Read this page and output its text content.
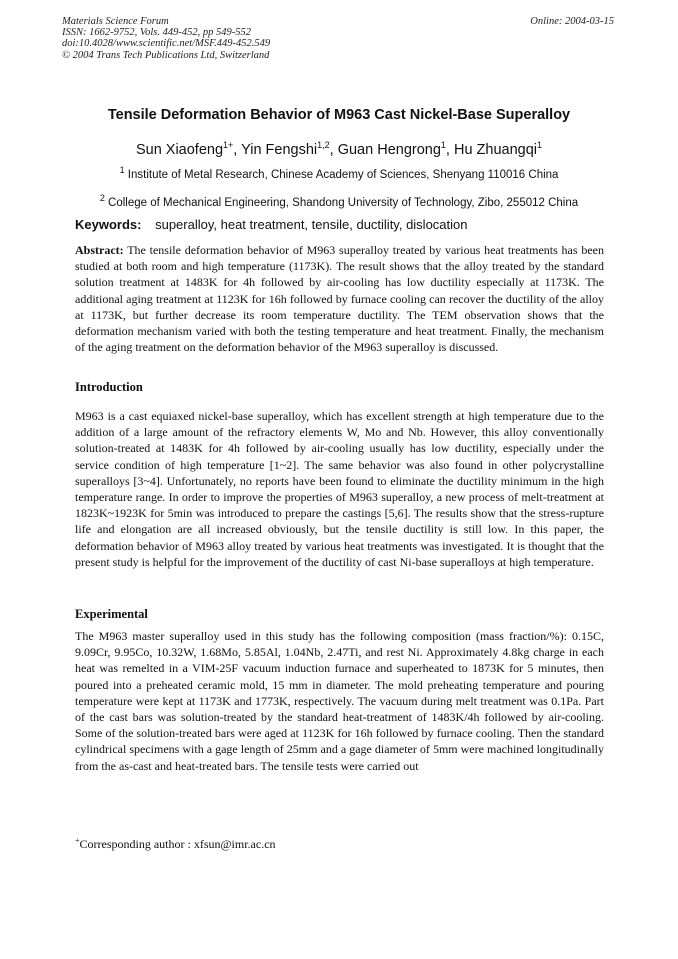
Materials Science Forum
ISSN: 1662-9752, Vols. 449-452, pp 549-552
doi:10.4028/www.scientific.net/MSF.449-452.549
© 2004 Trans Tech Publications Ltd, Switzerland
Online: 2004-03-15
Tensile Deformation Behavior of M963 Cast Nickel-Base Superalloy
Sun Xiaofeng$^{1+}$, Yin Fengshi$^{1,2}$, Guan Hengrong$^1$, Hu Zhuangqi$^1$
$^1$ Institute of Metal Research, Chinese Academy of Sciences, Shenyang 110016 China
$^2$ College of Mechanical Engineering, Shandong University of Technology, Zibo, 255012 China
Keywords: superalloy, heat treatment, tensile, ductility, dislocation
Abstract: The tensile deformation behavior of M963 superalloy treated by various heat treatments has been studied at both room and high temperature (1173K). The result shows that the alloy treated by the standard solution treatment at 1483K for 4h followed by air-cooling has low ductility especially at 1173K. The additional aging treatment at 1123K for 16h followed by furnace cooling can recover the ductility of the alloy at 1173K, but further decrease its room temperature ductility. The TEM observation shows that the deformation mechanism varied with both the testing temperature and heat treatment. Finally, the mechanism of the aging treatment on the deformation behavior of the M963 superalloy is discussed.
Introduction
M963 is a cast equiaxed nickel-base superalloy, which has excellent strength at high temperature due to the addition of a large amount of the refractory elements W, Mo and Nb. However, this alloy conventionally solution-treated at 1483K for 4h followed by air-cooling usually has low ductility, especially under the service condition of high temperature [1~2]. The same behavior was also found in other polycrystalline superalloys [3~4]. Unfortunately, no reports have been found to eliminate the ductility minimum in the high temperature range. In order to improve the properties of M963 superalloy, a new process of melt-treatment at 1823K~1923K for 5min was introduced to prepare the castings [5,6]. The results show that the stress-rupture life and elongation are all increased obviously, but the tensile ductility is still low. In this paper, the deformation behavior of M963 alloy treated by various heat treatments was investigated. It is thought that the present study is helpful for the improvement of the ductility of cast Ni-base superalloys at high temperature.
Experimental
The M963 master superalloy used in this study has the following composition (mass fraction/%): 0.15C, 9.09Cr, 9.95Co, 10.32W, 1.68Mo, 5.85Al, 1.04Nb, 2.47Ti, and rest Ni. Approximately 4.8kg charge in each heat was remelted in a VIM-25F vacuum induction furnace and superheated to 1873K for 5 minutes, then poured into a preheated ceramic mold, 15 mm in diameter. The mold preheating temperature and pouring temperature were kept at 1173K and 1773K, respectively. The vacuum during melt treatment was 0.1Pa. Part of the cast bars was solution-treated by the standard heat-treatment of 1483K/4h followed by air-cooling. Some of the solution-treated bars were aged at 1123K for 16h followed by furnace cooling. Then the standard cylindrical specimens with a gage length of 25mm and a gage diameter of 5mm were machined longitudinally from the as-cast and heat-treated bars. The tensile tests were carried out
+Corresponding author : xfsun@imr.ac.cn
